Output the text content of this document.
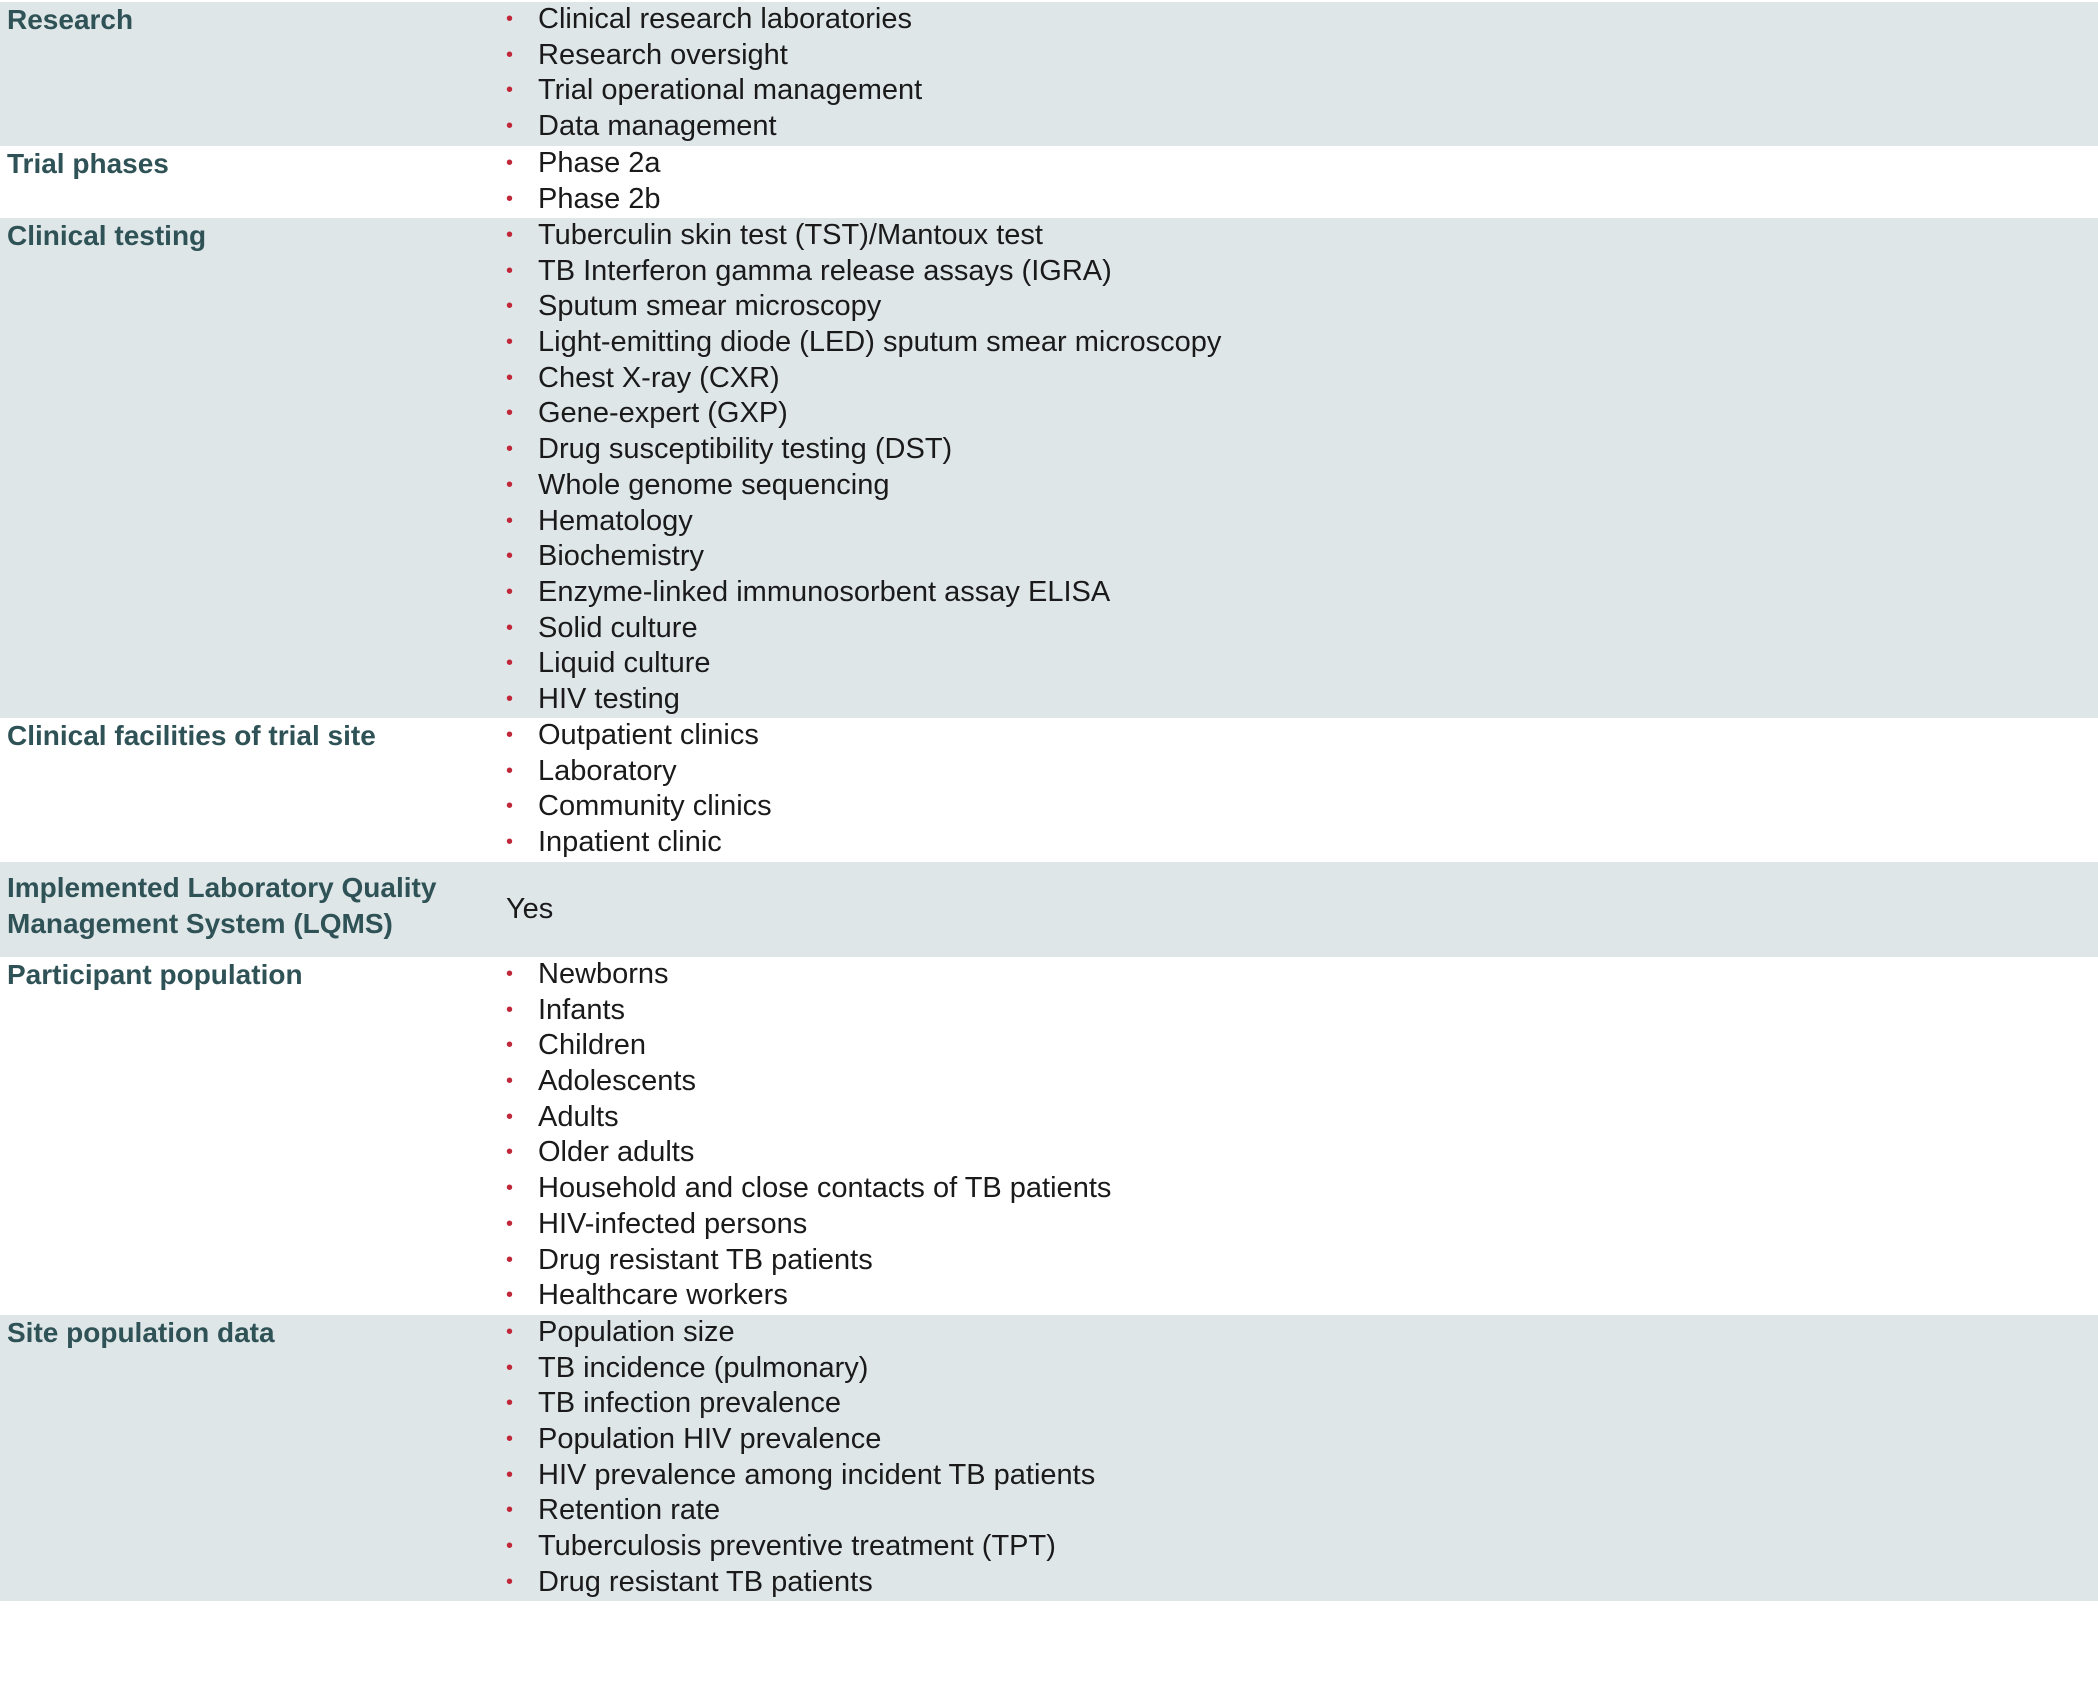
Research	• Clinical research laboratories
• Research oversight
• Trial operational management
• Data management
Trial phases	• Phase 2a
• Phase 2b
Clinical testing	• Tuberculin skin test (TST)/Mantoux test
• TB Interferon gamma release assays (IGRA)
• Sputum smear microscopy
• Light-emitting diode (LED) sputum smear microscopy
• Chest X-ray (CXR)
• Gene-expert (GXP)
• Drug susceptibility testing (DST)
• Whole genome sequencing
• Hematology
• Biochemistry
• Enzyme-linked immunosorbent assay ELISA
• Solid culture
• Liquid culture
• HIV testing
Clinical facilities of trial site	• Outpatient clinics
• Laboratory
• Community clinics
• Inpatient clinic
Implemented Laboratory Quality
Management System (LQMS)	Yes
Participant population	• Newborns
• Infants
• Children
• Adolescents
• Adults
• Older adults
• Household and close contacts of TB patients
• HIV-infected persons
• Drug resistant TB patients
• Healthcare workers
Site population data	• Population size
• TB incidence (pulmonary)
• TB infection prevalence
• Population HIV prevalence
• HIV prevalence among incident TB patients
• Retention rate
• Tuberculosis preventive treatment (TPT)
• Drug resistant TB patients
